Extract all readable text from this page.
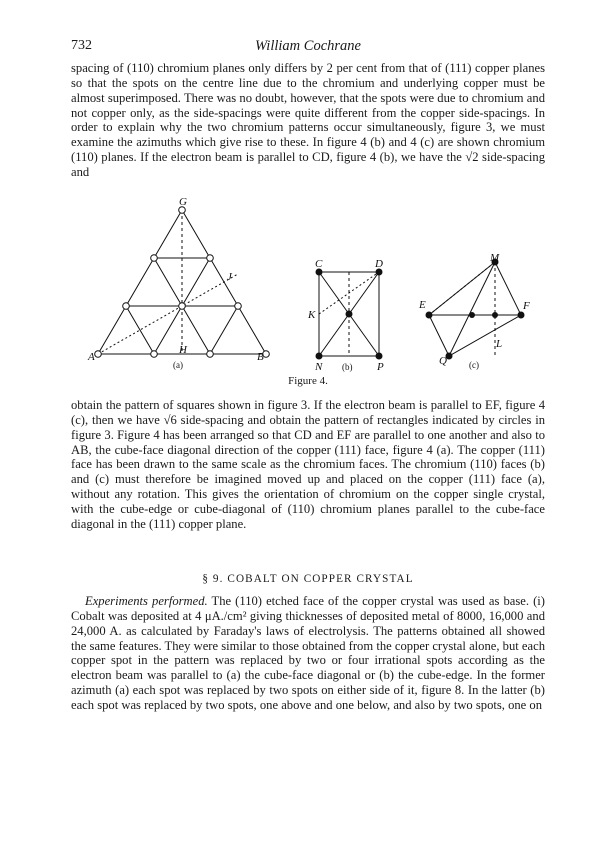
732	William Cochrane

spacing of (110) chromium planes only differs by 2 per cent from that of (111) copper planes so that the spots on the centre line due to the chromium and underlying copper must be almost superimposed. There was no doubt, however, that the spots were due to chromium and not copper only, as the side-spacings were quite different from the copper side-spacings. In order to explain why the two chromium patterns occur simultaneously, figure 3, we must examine the azimuths which give rise to these. In figure 4 (b) and 4 (c) are shown chromium (110) planes. If the electron beam is parallel to CD, figure 4 (b), we have the √2 side-spacing and

G
J
A
H
B
(a)
C	D
K
N	P
(b)
M
E	F
L
Q (c)
Figure 4.

obtain the pattern of squares shown in figure 3. If the electron beam is parallel to EF, figure 4 (c), then we have √6 side-spacing and obtain the pattern of rectangles indicated by circles in figure 3. Figure 4 has been arranged so that CD and EF are parallel to one another and also to AB, the cube-face diagonal direction of the copper (111) face, figure 4 (a). The copper (111) face has been drawn to the same scale as the chromium faces. The chromium (110) faces (b) and (c) must therefore be imagined moved up and placed on the copper (111) face (a), without any rotation. This gives the orientation of chromium on the copper single crystal, with the cube-edge or cube-diagonal of (110) chromium planes parallel to the cube-face diagonal in the (111) copper plane.

§ 9. COBALT ON COPPER CRYSTAL

Experiments performed. The (110) etched face of the copper crystal was used as base. (i) Cobalt was deposited at 4 μA./cm² giving thicknesses of deposited metal of 8000, 16,000 and 24,000 A. as calculated by Faraday's laws of electrolysis. The patterns obtained all showed the same features. They were similar to those obtained from the copper crystal alone, but each copper spot in the pattern was replaced by two or four irrational spots according as the electron beam was parallel to (a) the cube-face diagonal or (b) the cube-edge. In the former azimuth (a) each spot was replaced by two spots on either side of it, figure 8. In the latter (b) each spot was replaced by two spots, one above and one below, and also by two spots, one on
